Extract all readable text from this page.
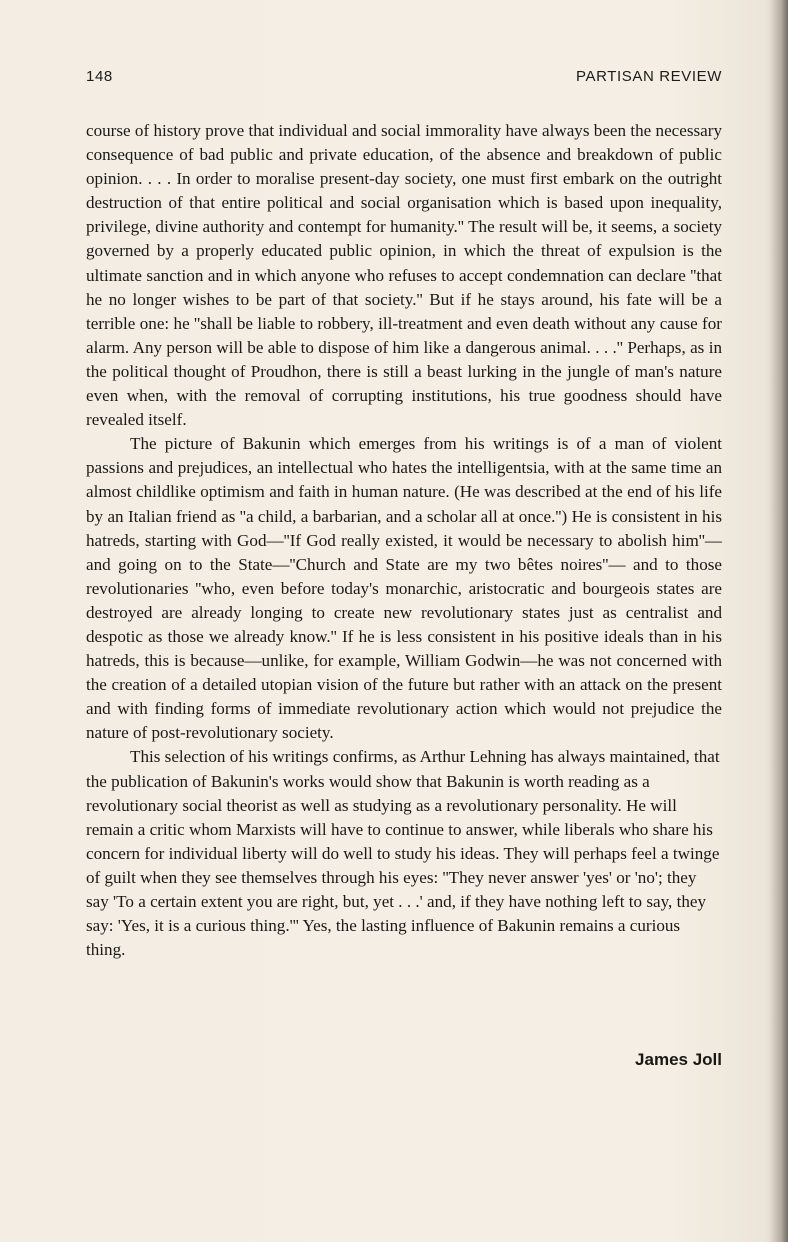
148	PARTISAN REVIEW

course of history prove that individual and social immorality have always been the necessary consequence of bad public and private education, of the absence and breakdown of public opinion. . . . In order to moralise present-day society, one must first embark on the outright destruction of that entire political and social organisation which is based upon inequality, privilege, divine authority and contempt for humanity.'' The result will be, it seems, a society governed by a properly educated public opinion, in which the threat of expulsion is the ultimate sanction and in which anyone who refuses to accept condemnation can declare ''that he no longer wishes to be part of that society.'' But if he stays around, his fate will be a terrible one: he ''shall be liable to robbery, ill-treatment and even death without any cause for alarm. Any person will be able to dispose of him like a dangerous animal. . . .'' Perhaps, as in the political thought of Proudhon, there is still a beast lurking in the jungle of man's nature even when, with the removal of corrupting institutions, his true goodness should have revealed itself.

The picture of Bakunin which emerges from his writings is of a man of violent passions and prejudices, an intellectual who hates the intelligentsia, with at the same time an almost childlike optimism and faith in human nature. (He was described at the end of his life by an Italian friend as ''a child, a barbarian, and a scholar all at once.'') He is consistent in his hatreds, starting with God—''If God really existed, it would be necessary to abolish him''— and going on to the State—''Church and State are my two bêtes noires''— and to those revolutionaries ''who, even before today's monarchic, aristocratic and bourgeois states are destroyed are already longing to create new revolutionary states just as centralist and despotic as those we already know.'' If he is less consistent in his positive ideals than in his hatreds, this is because—unlike, for example, William Godwin—he was not concerned with the creation of a detailed utopian vision of the future but rather with an attack on the present and with finding forms of immediate revolutionary action which would not prejudice the nature of post-revolutionary society.

This selection of his writings confirms, as Arthur Lehning has always maintained, that the publication of Bakunin's works would show that Bakunin is worth reading as a revolutionary social theorist as well as studying as a revolutionary personality. He will remain a critic whom Marxists will have to continue to answer, while liberals who share his concern for individual liberty will do well to study his ideas. They will perhaps feel a twinge of guilt when they see themselves through his eyes: ''They never answer 'yes' or 'no'; they say 'To a certain extent you are right, but, yet . . .' and, if they have nothing left to say, they say: 'Yes, it is a curious thing.''' Yes, the lasting influence of Bakunin remains a curious thing.

James Joll
